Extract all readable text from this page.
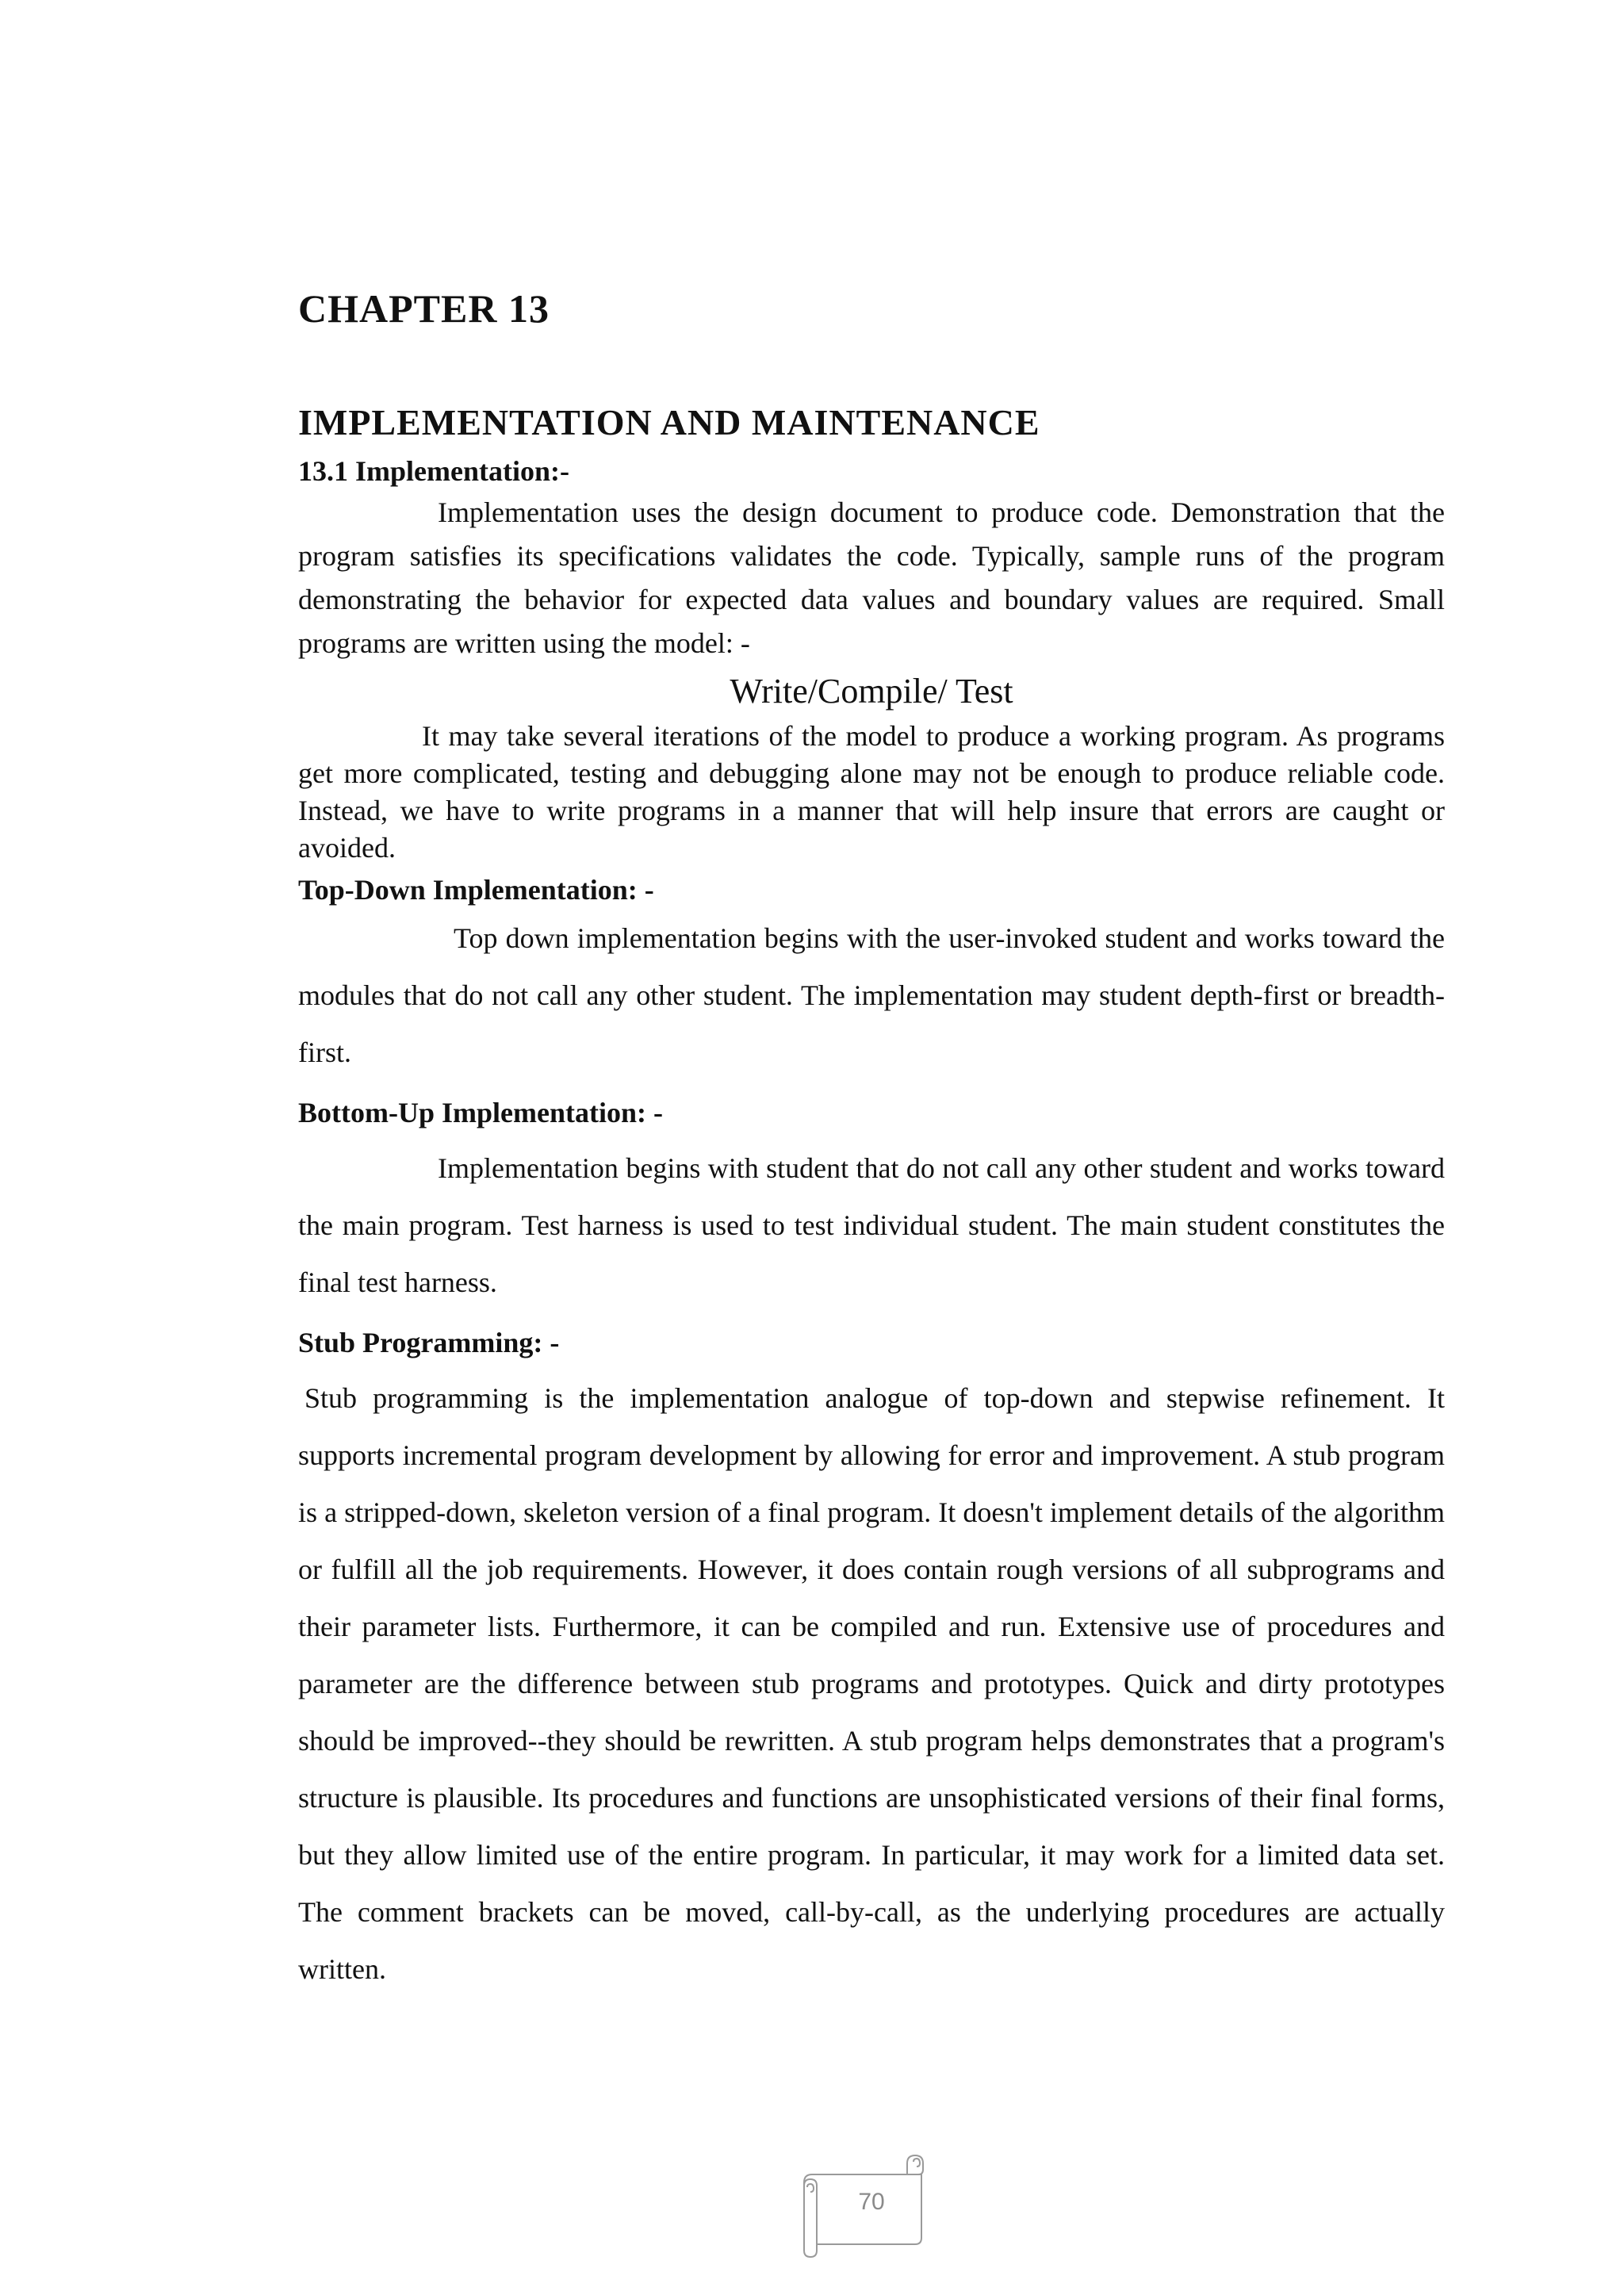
CHAPTER 13
IMPLEMENTATION AND MAINTENANCE
13.1 Implementation:-

Implementation uses the design document to produce code. Demonstration that the program satisfies its specifications validates the code. Typically, sample runs of the program demonstrating the behavior for expected data values and boundary values are required. Small programs are written using the model: -

Write/Compile/ Test

It may take several iterations of the model to produce a working program. As programs get more complicated, testing and debugging alone may not be enough to produce reliable code. Instead, we have to write programs in a manner that will help insure that errors are caught or avoided.

Top-Down Implementation: -

Top down implementation begins with the user-invoked student and works toward the modules that do not call any other student. The implementation may student depth-first or breadth-first.

Bottom-Up Implementation: -

Implementation begins with student that do not call any other student and works toward the main program. Test harness is used to test individual student. The main student constitutes the final test harness.

Stub Programming: -

Stub programming is the implementation analogue of top-down and stepwise refinement. It supports incremental program development by allowing for error and improvement. A stub program is a stripped-down, skeleton version of a final program. It doesn't implement details of the algorithm or fulfill all the job requirements. However, it does contain rough versions of all subprograms and their parameter lists. Furthermore, it can be compiled and run. Extensive use of procedures and parameter are the difference between stub programs and prototypes. Quick and dirty prototypes should be improved--they should be rewritten. A stub program helps demonstrates that a program's structure is plausible. Its procedures and functions are unsophisticated versions of their final forms, but they allow limited use of the entire program. In particular, it may work for a limited data set. The comment brackets can be moved, call-by-call, as the underlying procedures are actually written.

70
